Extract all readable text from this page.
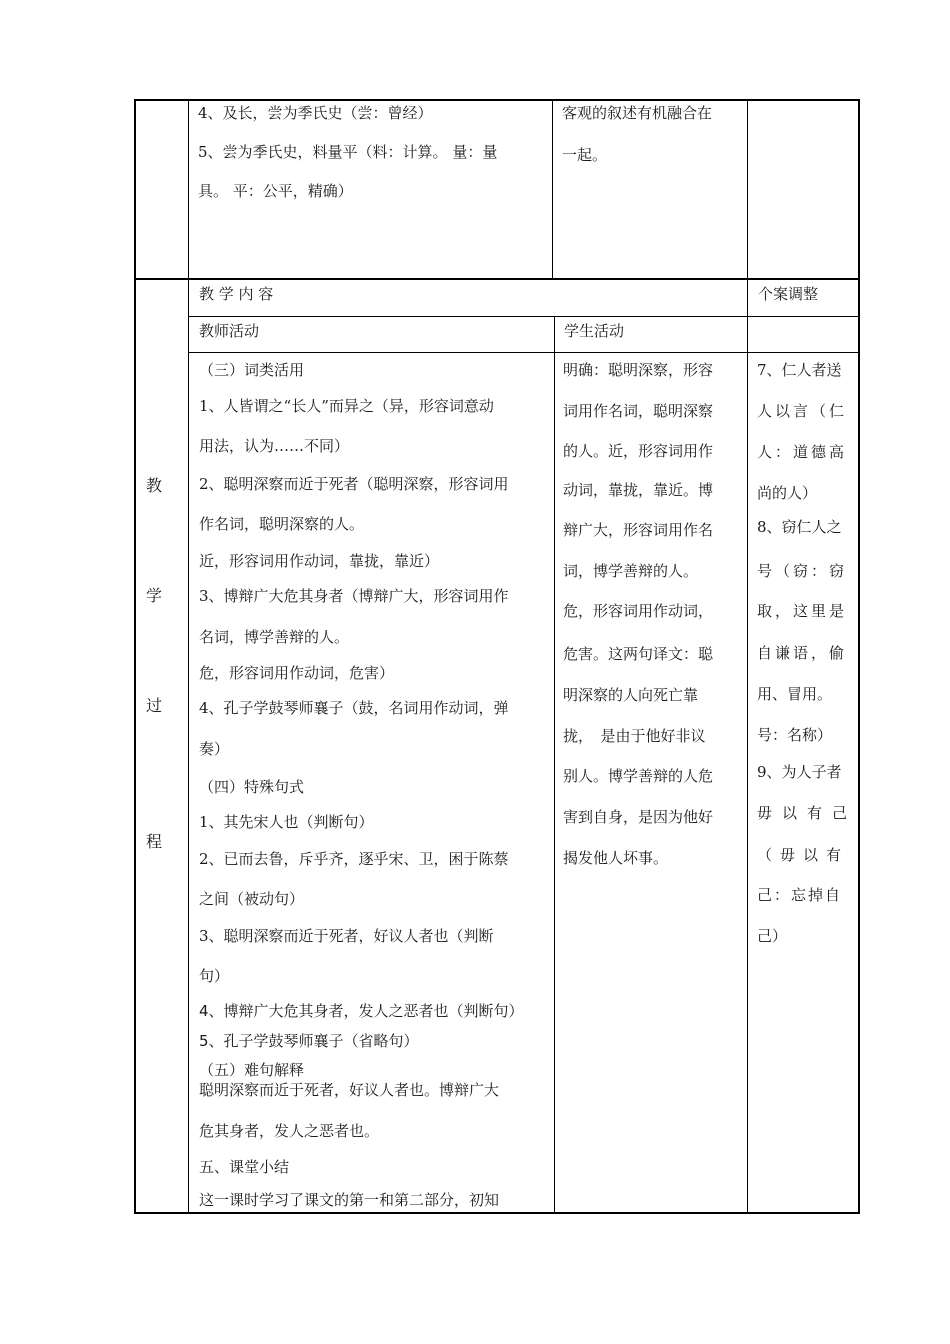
4、及长，尝为季氏史（尝：曾经）
5、尝为季氏史，料量平（料：计算。 量：量
具。 平：公平，精确）
客观的叙述有机融合在
一起。
教 学 内 容	个案调整
教师活动	学生活动
教
学
过
程
（三）词类活用
1、人皆谓之“长人”而异之（异，形容词意动
用法，认为……不同）
2、聪明深察而近于死者（聪明深察，形容词用
作名词，聪明深察的人。
近，形容词用作动词，靠拢，靠近）
3、博辩广大危其身者（博辩广大，形容词用作
名词，博学善辩的人。
危，形容词用作动词，危害）
4、孔子学鼓琴师襄子（鼓，名词用作动词，弹
奏）
（四）特殊句式
1、其先宋人也（判断句）
2、已而去鲁，斥乎齐，逐乎宋、卫，困于陈蔡
之间（被动句）
3、聪明深察而近于死者，好议人者也（判断
句）
4、博辩广大危其身者，发人之恶者也（判断句）
5、孔子学鼓琴师襄子（省略句）
（五）难句解释
聪明深察而近于死者，好议人者也。博辩广大
危其身者，发人之恶者也。
五、课堂小结
这一课时学习了课文的第一和第二部分，初知
明确：聪明深察，形容
词用作名词，聪明深察
的人。近，形容词用作
动词，靠拢，靠近。博
辩广大，形容词用作名
词，博学善辩的人。
危，形容词用作动词，
危害。这两句译文：聪
明深察的人向死亡靠
拢，　是由于他好非议
别人。博学善辩的人危
害到自身，是因为他好
揭发他人坏事。
7、仁人者送
人以言（仁
人：道德高
尚的人）
8、窃仁人之
号（窃：窃
取，这里是
自谦语，偷
用、冒用。
号：名称）
9、为人子者
毋以有己
（毋以有
己：忘掉自
己）
